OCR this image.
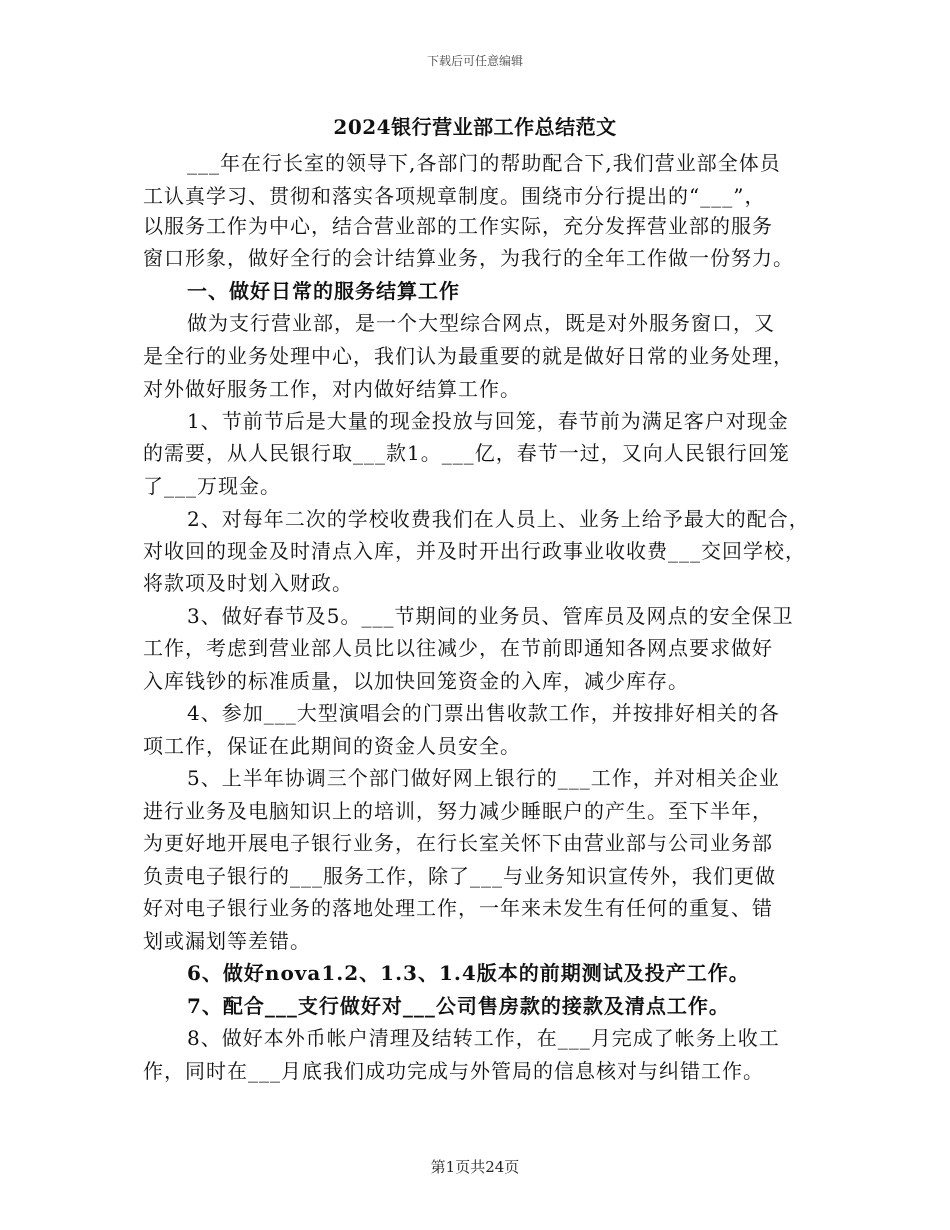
下载后可任意编辑
2024银行营业部工作总结范文
___年在行长室的领导下,各部门的帮助配合下,我们营业部全体员
工认真学习、贯彻和落实各项规章制度。围绕市分行提出的“___”，
以服务工作为中心，结合营业部的工作实际，充分发挥营业部的服务
窗口形象，做好全行的会计结算业务，为我行的全年工作做一份努力。
一、做好日常的服务结算工作
做为支行营业部，是一个大型综合网点，既是对外服务窗口，又
是全行的业务处理中心，我们认为最重要的就是做好日常的业务处理，
对外做好服务工作，对内做好结算工作。
1、节前节后是大量的现金投放与回笼，春节前为满足客户对现金
的需要，从人民银行取___款1。___亿，春节一过，又向人民银行回笼
了___万现金。
2、对每年二次的学校收费我们在人员上、业务上给予最大的配合，
对收回的现金及时清点入库，并及时开出行政事业收收费___交回学校，
将款项及时划入财政。
3、做好春节及5。___节期间的业务员、管库员及网点的安全保卫
工作，考虑到营业部人员比以往减少，在节前即通知各网点要求做好
入库钱钞的标准质量，以加快回笼资金的入库，减少库存。
4、参加___大型演唱会的门票出售收款工作，并按排好相关的各
项工作，保证在此期间的资金人员安全。
5、上半年协调三个部门做好网上银行的___工作，并对相关企业
进行业务及电脑知识上的培训，努力减少睡眠户的产生。至下半年，
为更好地开展电子银行业务，在行长室关怀下由营业部与公司业务部
负责电子银行的___服务工作，除了___与业务知识宣传外，我们更做
好对电子银行业务的落地处理工作，一年来未发生有任何的重复、错
划或漏划等差错。
6、做好nova1.2、1.3、1.4版本的前期测试及投产工作。
7、配合___支行做好对___公司售房款的接款及清点工作。
8、做好本外币帐户清理及结转工作，在___月完成了帐务上收工
作，同时在___月底我们成功完成与外管局的信息核对与纠错工作。
第1页共24页
